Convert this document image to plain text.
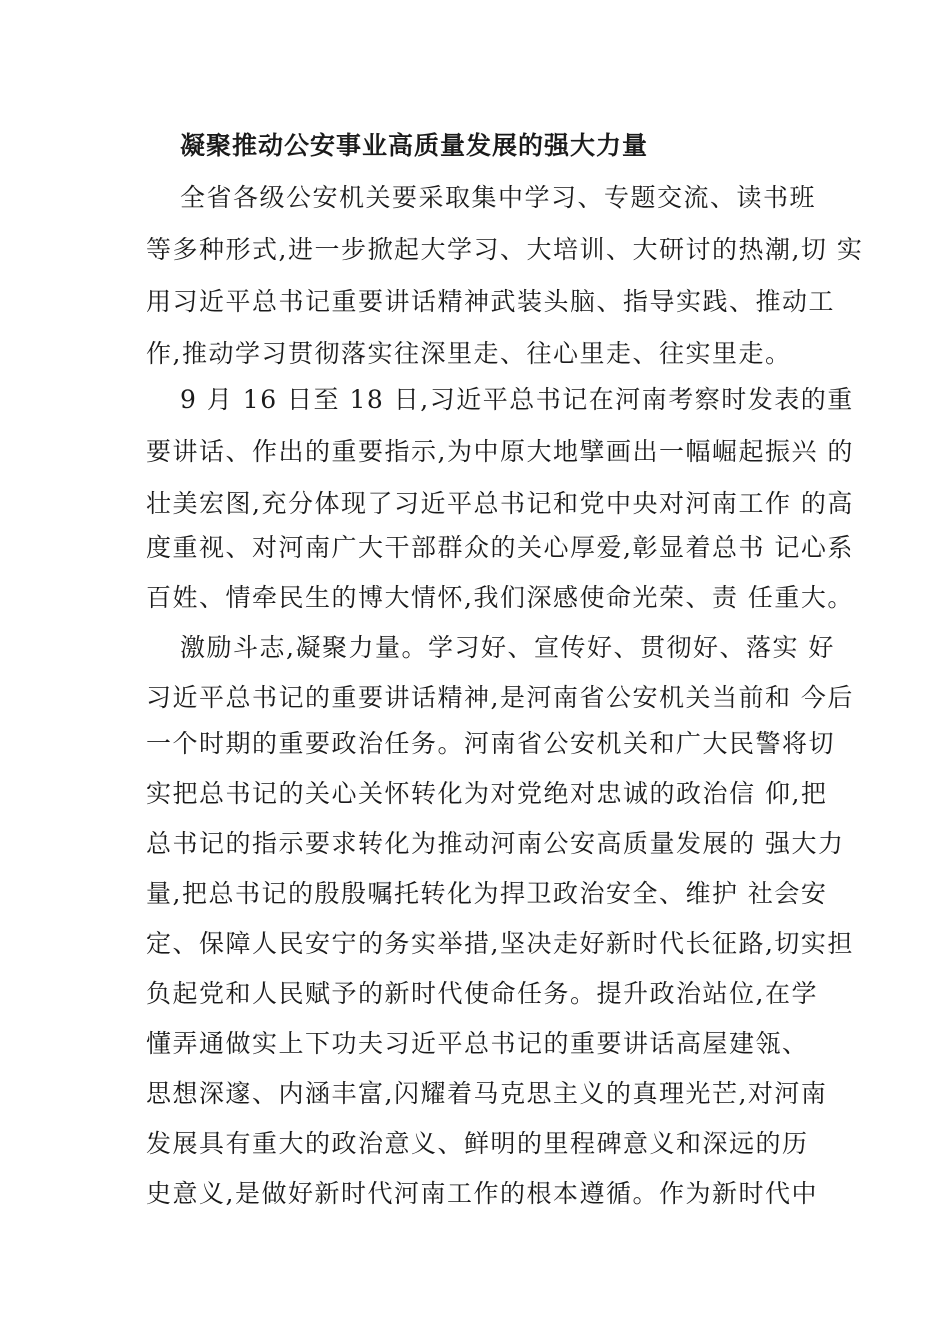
凝聚推动公安事业高质量发展的强大力量
全省各级公安机关要采取集中学习、专题交流、读书班
等多种形式,进一步掀起大学习、大培训、大研讨的热潮,切 实
用习近平总书记重要讲话精神武装头脑、指导实践、推动工
作,推动学习贯彻落实往深里走、往心里走、往实里走。
9 月 16 日至 18 日,习近平总书记在河南考察时发表的重
要讲话、作出的重要指示,为中原大地擘画出一幅崛起振兴 的
壮美宏图,充分体现了习近平总书记和党中央对河南工作 的高
度重视、对河南广大干部群众的关心厚爱,彰显着总书 记心系
百姓、情牵民生的博大情怀,我们深感使命光荣、责 任重大。
激励斗志,凝聚力量。学习好、宣传好、贯彻好、落实 好
习近平总书记的重要讲话精神,是河南省公安机关当前和 今后
一个时期的重要政治任务。河南省公安机关和广大民警将切
实把总书记的关心关怀转化为对党绝对忠诚的政治信 仰,把
总书记的指示要求转化为推动河南公安高质量发展的 强大力
量,把总书记的殷殷嘱托转化为捍卫政治安全、维护 社会安
定、保障人民安宁的务实举措,坚决走好新时代长征路,切实担
负起党和人民赋予的新时代使命任务。提升政治站位,在学
懂弄通做实上下功夫习近平总书记的重要讲话高屋建瓴、
思想深邃、内涵丰富,闪耀着马克思主义的真理光芒,对河南
发展具有重大的政治意义、鲜明的里程碑意义和深远的历
史意义,是做好新时代河南工作的根本遵循。作为新时代中
